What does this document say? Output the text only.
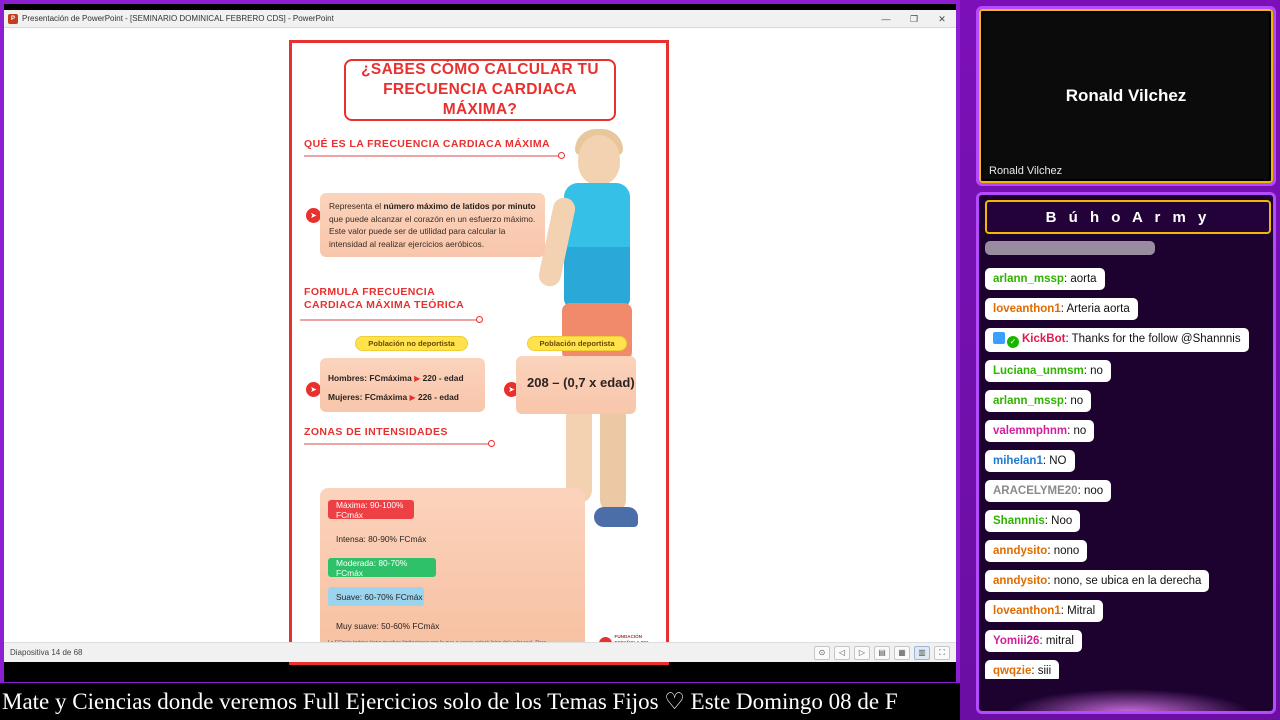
P Presentación de PowerPoint - [SEMINARIO DOMINICAL FEBRERO CDS] - PowerPoint	—	❐	✕
¿SABES CÓMO CALCULAR TU FRECUENCIA CARDIACA MÁXIMA?
QUÉ ES LA FRECUENCIA CARDIACA MÁXIMA
➤
Representa el número máximo de latidos por minuto que puede alcanzar el corazón en un esfuerzo máximo. Este valor puede ser de utilidad para calcular la intensidad al realizar ejercicios aeróbicos.
FORMULA FRECUENCIA
CARDIACA MÁXIMA TEÓRICA
Población no deportista	Población deportista
➤
Hombres: FCmáxima ▶ 220 - edad
Mujeres: FCmáxima ▶ 226 - edad
➤ 208 – (0,7 x edad)
ZONAS DE INTENSIDADES
Máxima: 90-100% FCmáx
Intensa: 80-90% FCmáx
Moderada: 80-70% FCmáx
Suave: 60-70% FCmáx
Muy suave: 50-60% FCmáx
FUNDACIÓN
Diapositiva 14 de 68	⊙	◁	▷	▤	▦	▥	⛶
Mate y Ciencias donde veremos Full Ejercicios solo de los Temas Fijos ♡ Este Domingo 08 de F
Ronald Vilchez
Ronald Vilchez
B ú h o A r m y
arlann_mssp: aorta
loveanthon1: Arteria aorta
✓ KickBot: Thanks for the follow @Shannnis
Luciana_unmsm: no
arlann_mssp: no
valemmphnm: no
mihelan1: NO
ARACELYME20: noo
Shannnis: Noo
anndysito: nono
anndysito: nono, se ubica en la derecha
loveanthon1: Mitral
Yomiii26: mitral
qwqzie: siii
